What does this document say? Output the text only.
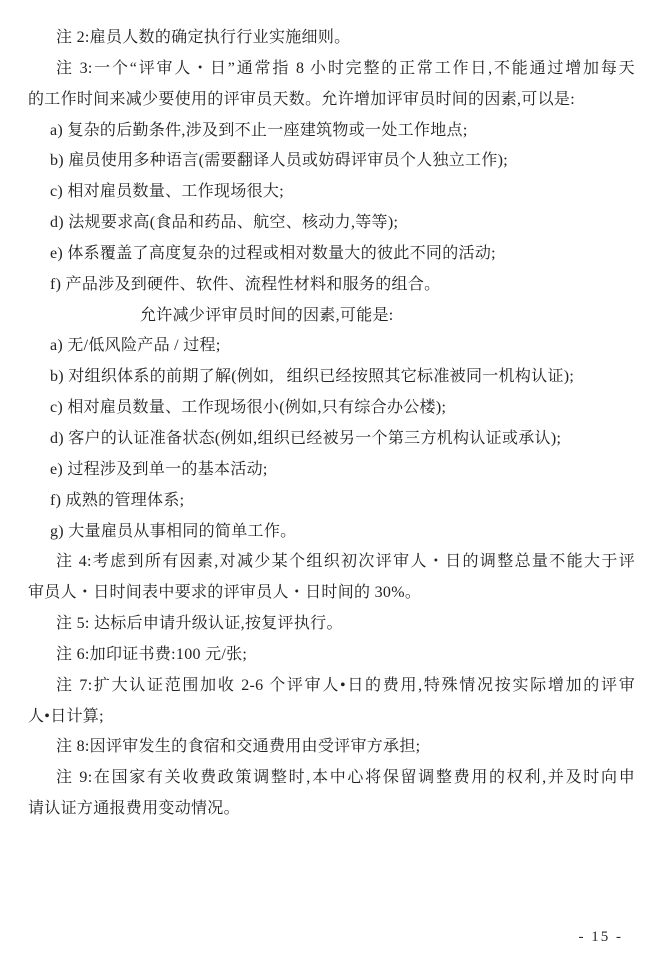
注 2:雇员人数的确定执行行业实施细则。
注 3:一个“评审人・日”通常指 8 小时完整的正常工作日,不能通过增加每天
的工作时间来减少要使用的评审员天数。允许增加评审员时间的因素,可以是:
a) 复杂的后勤条件,涉及到不止一座建筑物或一处工作地点;
b) 雇员使用多种语言(需要翻译人员或妨碍评审员个人独立工作);
c) 相对雇员数量、工作现场很大;
d) 法规要求高(食品和药品、航空、核动力,等等);
e) 体系覆盖了高度复杂的过程或相对数量大的彼此不同的活动;
f) 产品涉及到硬件、软件、流程性材料和服务的组合。
允许减少评审员时间的因素,可能是:
a) 无/低风险产品 / 过程;
b) 对组织体系的前期了解(例如,   组织已经按照其它标准被同一机构认证);
c) 相对雇员数量、工作现场很小(例如,只有综合办公楼);
d) 客户的认证准备状态(例如,组织已经被另一个第三方机构认证或承认);
e) 过程涉及到单一的基本活动;
f) 成熟的管理体系;
g) 大量雇员从事相同的简单工作。
注 4:考虑到所有因素,对减少某个组织初次评审人・日的调整总量不能大于评
审员人・日时间表中要求的评审员人・日时间的 30%。
注 5: 达标后申请升级认证,按复评执行。
注 6:加印证书费:100 元/张;
注 7:扩大认证范围加收 2-6 个评审人•日的费用,特殊情况按实际增加的评审
人•日计算;
注 8:因评审发生的食宿和交通费用由受评审方承担;
注 9:在国家有关收费政策调整时,本中心将保留调整费用的权利,并及时向申
请认证方通报费用变动情况。
- 15 -
